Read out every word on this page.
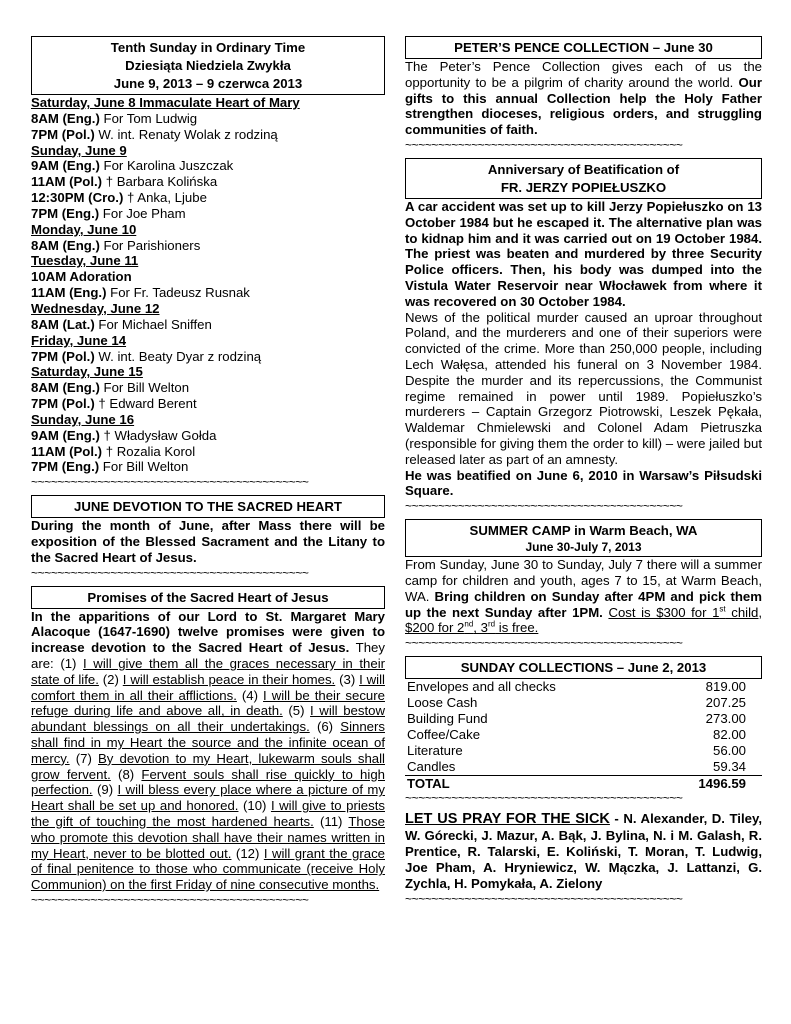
Tenth Sunday in Ordinary Time
Dziesiąta Niedziela Zwykła
June 9, 2013 – 9 czerwca 2013
Saturday, June 8 Immaculate Heart of Mary
8AM (Eng.) For Tom Ludwig
7PM (Pol.) W. int. Renaty Wolak z rodziną
Sunday, June 9
9AM (Eng.) For Karolina Juszczak
11AM (Pol.) † Barbara Kolińska
12:30PM (Cro.) † Anka, Ljube
7PM (Eng.) For Joe Pham
Monday, June 10
8AM (Eng.) For Parishioners
Tuesday, June 11
10AM Adoration
11AM (Eng.) For Fr. Tadeusz Rusnak
Wednesday, June 12
8AM (Lat.) For Michael Sniffen
Friday, June 14
7PM (Pol.) W. int. Beaty Dyar z rodziną
Saturday, June 15
8AM (Eng.) For Bill Welton
7PM (Pol.) † Edward Berent
Sunday, June 16
9AM (Eng.) † Władysław Gołda
11AM (Pol.) † Rozalia Korol
7PM (Eng.) For Bill Welton
~~~~~~~~~~~~~~~~~~~~~~~~~~~~~~~~~~~~~~~~~~
JUNE DEVOTION TO THE SACRED HEART
During the month of June, after Mass there will be exposition of the Blessed Sacrament and the Litany to the Sacred Heart of Jesus.
~~~~~~~~~~~~~~~~~~~~~~~~~~~~~~~~~~~~~~~~~~
Promises of the Sacred Heart of Jesus
In the apparitions of our Lord to St. Margaret Mary Alacoque (1647-1690) twelve promises were given to increase devotion to the Sacred Heart of Jesus. They are: (1) I will give them all the graces necessary in their state of life. (2) I will establish peace in their homes. (3) I will comfort them in all their afflictions. (4) I will be their secure refuge during life and above all, in death. (5) I will bestow abundant blessings on all their undertakings. (6) Sinners shall find in my Heart the source and the infinite ocean of mercy. (7) By devotion to my Heart, lukewarm souls shall grow fervent. (8) Fervent souls shall rise quickly to high perfection. (9) I will bless every place where a picture of my Heart shall be set up and honored. (10) I will give to priests the gift of touching the most hardened hearts. (11) Those who promote this devotion shall have their names written in my Heart, never to be blotted out. (12) I will grant the grace of final penitence to those who communicate (receive Holy Communion) on the first Friday of nine consecutive months.
~~~~~~~~~~~~~~~~~~~~~~~~~~~~~~~~~~~~~~~~~~
PETER’S PENCE COLLECTION – June 30
The Peter’s Pence Collection gives each of us the opportunity to be a pilgrim of charity around the world. Our gifts to this annual Collection help the Holy Father strengthen dioceses, religious orders, and struggling communities of faith.
~~~~~~~~~~~~~~~~~~~~~~~~~~~~~~~~~~~~~~~~~~
Anniversary of Beatification of
FR. JERZY POPIEŁUSZKO
A car accident was set up to kill Jerzy Popiełuszko on 13 October 1984 but he escaped it. The alternative plan was to kidnap him and it was carried out on 19 October 1984. The priest was beaten and murdered by three Security Police officers. Then, his body was dumped into the Vistula Water Reservoir near Włocławek from where it was recovered on 30 October 1984.
News of the political murder caused an uproar throughout Poland, and the murderers and one of their superiors were convicted of the crime. More than 250,000 people, including Lech Wałęsa, attended his funeral on 3 November 1984. Despite the murder and its repercussions, the Communist regime remained in power until 1989. Popiełuszko’s murderers – Captain Grzegorz Piotrowski, Leszek Pękała, Waldemar Chmielewski and Colonel Adam Pietruszka (responsible for giving them the order to kill) – were jailed but released later as part of an amnesty.
He was beatified on June 6, 2010 in Warsaw’s Piłsudski Square.
~~~~~~~~~~~~~~~~~~~~~~~~~~~~~~~~~~~~~~~~~~
SUMMER CAMP in Warm Beach, WA
June 30-July 7, 2013
From Sunday, June 30 to Sunday, July 7 there will a summer camp for children and youth, ages 7 to 15, at Warm Beach, WA. Bring children on Sunday after 4PM and pick them up the next Sunday after 1PM. Cost is $300 for 1st child, $200 for 2nd, 3rd is free.
~~~~~~~~~~~~~~~~~~~~~~~~~~~~~~~~~~~~~~~~~~
SUNDAY COLLECTIONS – June 2, 2013
Envelopes and all checks	819.00
Loose Cash	207.25
Building Fund	273.00
Coffee/Cake	82.00
Literature	56.00
Candles	59.34
TOTAL	1496.59
~~~~~~~~~~~~~~~~~~~~~~~~~~~~~~~~~~~~~~~~~~
LET US PRAY FOR THE SICK - N. Alexander, D. Tiley, W. Górecki, J. Mazur, A. Bąk, J. Bylina, N. i M. Galash, R. Prentice, R. Talarski, E. Koliński, T. Moran, T. Ludwig, Joe Pham, A. Hryniewicz, W. Mączka, J. Lattanzi, G. Zychla, H. Pomykała, A. Zielony
~~~~~~~~~~~~~~~~~~~~~~~~~~~~~~~~~~~~~~~~~~
